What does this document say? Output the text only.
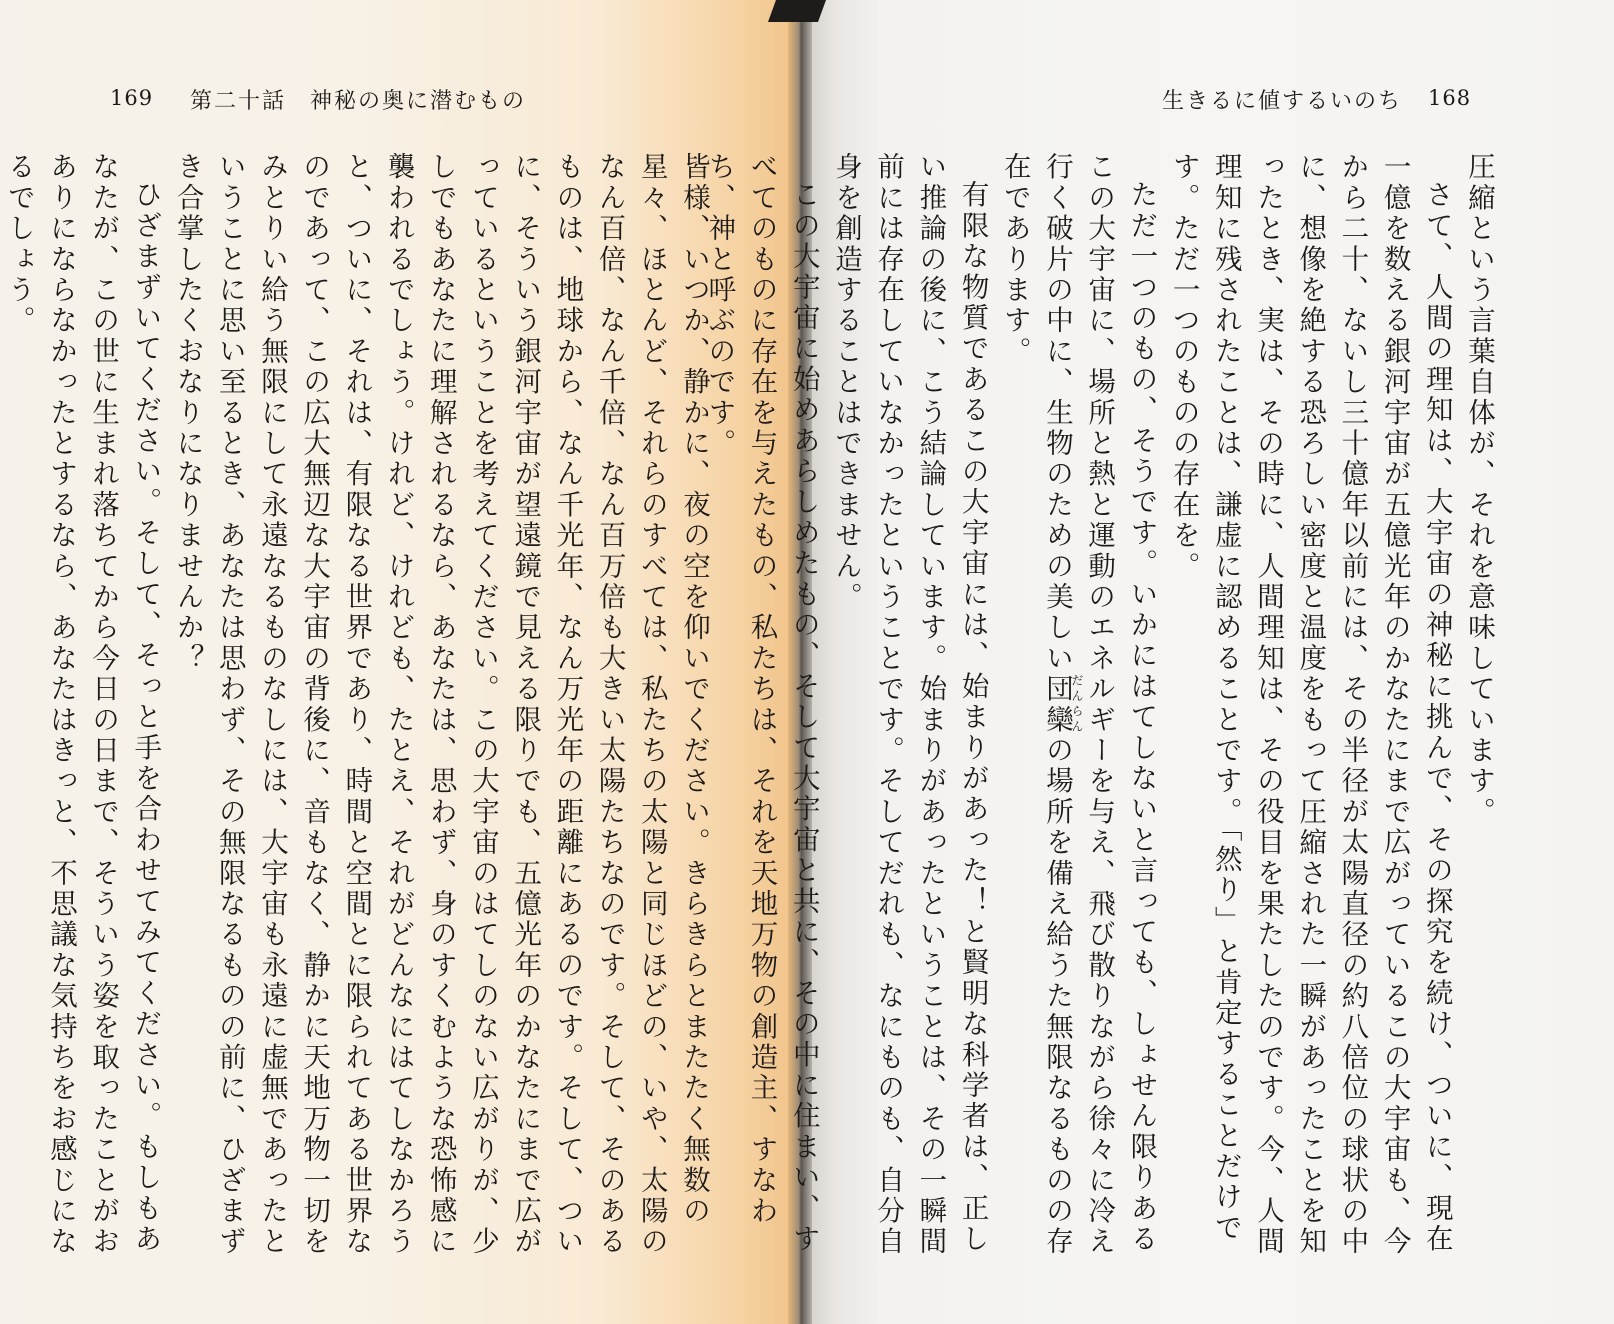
169 第二十話　神秘の奥に潜むもの

皆様、いつか、静かに、夜の空を仰いでください。きらきらとまたたく無数の星々、ほとんど、それらのすべては、私たちの太陽と同じほどの、いや、太陽のなん百倍、なん千倍、なん百万倍も大きい太陽たちなのです。そして、そのあるものは、地球から、なん千光年、なん万光年の距離にあるのです。そして、ついに、そういう銀河宇宙が望遠鏡で見える限りでも、五億光年のかなたにまで広がっているということを考えてください。この大宇宙のはてしのない広がりが、少しでもあなたに理解されるなら、あなたは、思わず、身のすくむような恐怖感に襲われるでしょう。けれど、けれども、たとえ、それがどんなにはてしなかろうと、ついに、それは、有限なる世界であり、時間と空間とに限られてある世界なのであって、この広大無辺な大宇宙の背後に、音もなく、静かに天地万物一切をみとりい給う無限にして永遠なるものなしには、大宇宙も永遠に虚無であったということに思い至るとき、あなたは思わず、その無限なるものの前に、ひざまずき合掌したくおなりになりませんか？

ひざまずいてください。そして、そっと手を合わせてみてください。もしもあなたが、この世に生まれ落ちてから今日の日まで、そういう姿を取ったことがおありにならなかったとするなら、あなたはきっと、不思議な気持ちをお感じになるでしょう。

生きるに値するいのち 168

圧縮という言葉自体が、それを意味しています。

さて、人間の理知は、大宇宙の神秘に挑んで、その探究を続け、ついに、現在一億を数える銀河宇宙が五億光年のかなたにまで広がっているこの大宇宙も、今から二十、ないし三十億年以前には、その半径が太陽直径の約八倍位の球状の中に、想像を絶する恐ろしい密度と温度をもって圧縮された一瞬があったことを知ったとき、実は、その時に、人間理知は、その役目を果たしたのです。今、人間理知に残されたことは、謙虚に認めることです。「然り」と肯定することだけです。ただ一つのものの存在を。

ただ一つのもの、そうです。いかにはてしないと言っても、しょせん限りあるこの大宇宙に、場所と熱と運動のエネルギーを与え、飛び散りながら徐々に冷え行く破片の中に、生物のための美しい団欒だんらんの場所を備え給うた無限なるものの存在であります。

有限な物質であるこの大宇宙には、始まりがあった！と賢明な科学者は、正しい推論の後に、こう結論しています。始まりがあったということは、その一瞬間前には存在していなかったということです。そしてだれも、なにものも、自分自身を創造することはできません。

この大宇宙に始めあらしめたもの、そして大宇宙と共に、その中に住まい、すべてのものに存在を与えたもの、私たちは、それを天地万物の創造主、すなわち、神と呼ぶのです。
